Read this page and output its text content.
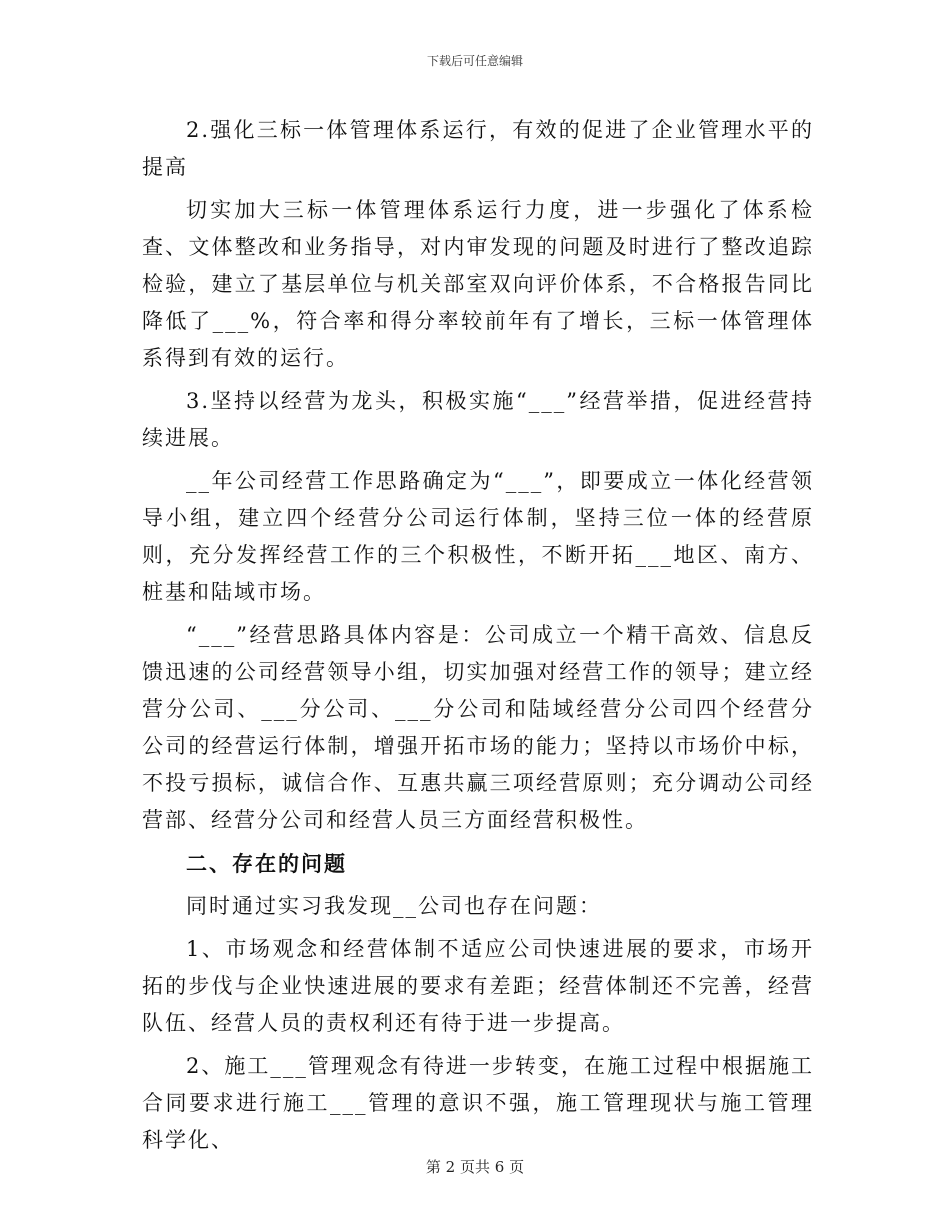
下载后可任意编辑

2.强化三标一体管理体系运行，有效的促进了企业管理水平的提高

切实加大三标一体管理体系运行力度，进一步强化了体系检查、文体整改和业务指导，对内审发现的问题及时进行了整改追踪检验，建立了基层单位与机关部室双向评价体系，不合格报告同比降低了___%，符合率和得分率较前年有了增长，三标一体管理体系得到有效的运行。

3.坚持以经营为龙头，积极实施“___”经营举措，促进经营持续进展。

__年公司经营工作思路确定为“___”，即要成立一体化经营领导小组，建立四个经营分公司运行体制，坚持三位一体的经营原则，充分发挥经营工作的三个积极性，不断开拓___地区、南方、桩基和陆域市场。

“___”经营思路具体内容是：公司成立一个精干高效、信息反馈迅速的公司经营领导小组，切实加强对经营工作的领导；建立经营分公司、___分公司、___分公司和陆域经营分公司四个经营分公司的经营运行体制，增强开拓市场的能力；坚持以市场价中标，不投亏损标，诚信合作、互惠共赢三项经营原则；充分调动公司经营部、经营分公司和经营人员三方面经营积极性。

二、存在的问题

同时通过实习我发现__公司也存在问题：

1、市场观念和经营体制不适应公司快速进展的要求，市场开拓的步伐与企业快速进展的要求有差距；经营体制还不完善，经营队伍、经营人员的责权利还有待于进一步提高。

2、施工___管理观念有待进一步转变，在施工过程中根据施工合同要求进行施工___管理的意识不强，施工管理现状与施工管理科学化、

第 2 页共 6 页
